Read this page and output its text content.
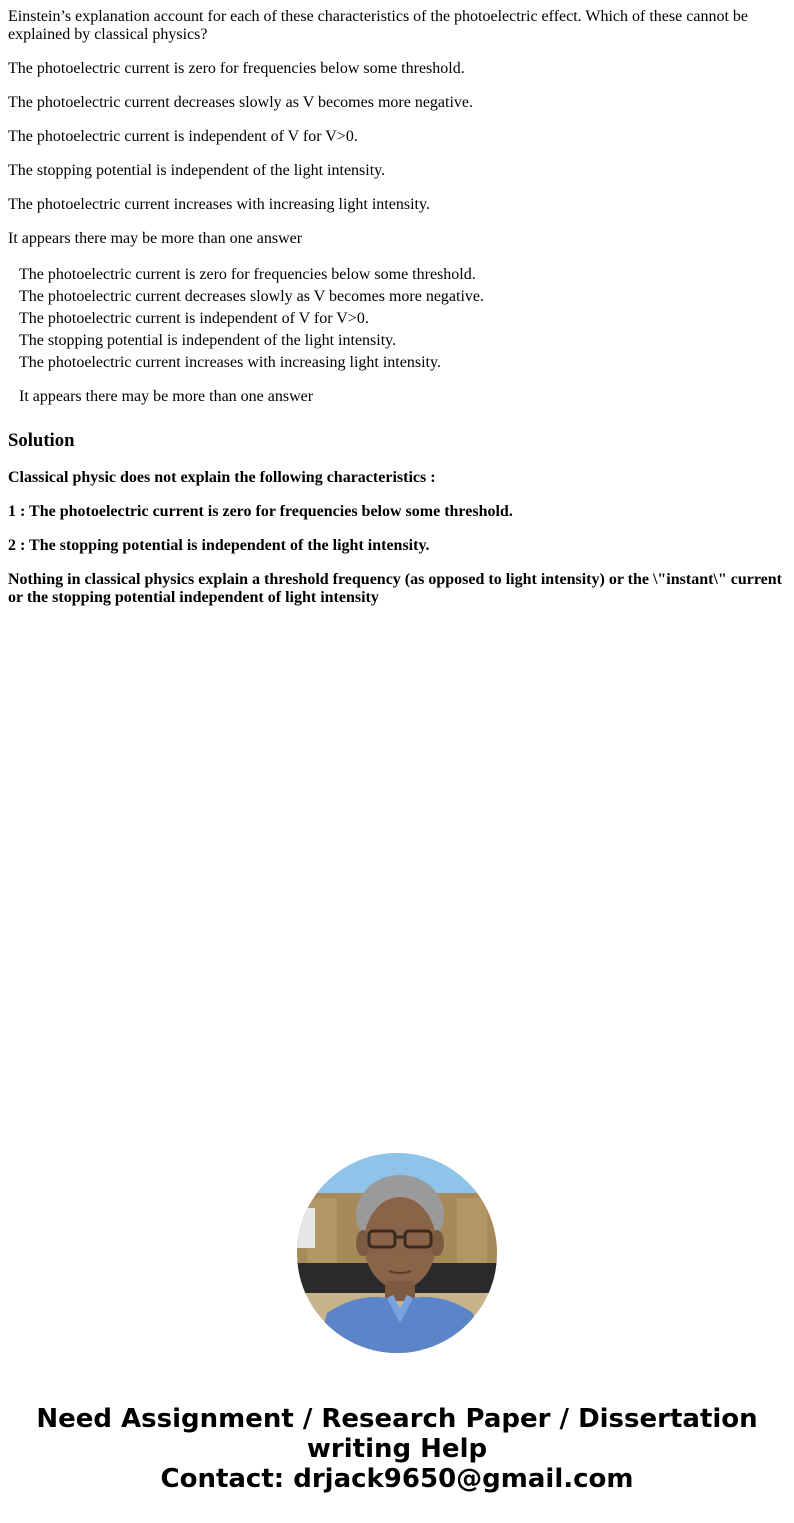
Einstein’s explanation account for each of these characteristics of the photoelectric effect. Which of these cannot be explained by classical physics?

The photoelectric current is zero for frequencies below some threshold.

The photoelectric current decreases slowly as V becomes more negative.

The photoelectric current is independent of V for V>0.

The stopping potential is independent of the light intensity.

The photoelectric current increases with increasing light intensity.

It appears there may be more than one answer

The photoelectric current is zero for frequencies below some threshold.
The photoelectric current decreases slowly as V becomes more negative.
The photoelectric current is independent of V for V>0.
The stopping potential is independent of the light intensity.
The photoelectric current increases with increasing light intensity.
It appears there may be more than one answer
Solution

Classical physic does not explain the following characteristics :

1 : The photoelectric current is zero for frequencies below some threshold.

2 : The stopping potential is independent of the light intensity.

Nothing in classical physics explain a threshold frequency (as opposed to light intensity) or the \"instant\" current or the stopping potential independent of light intensity

Need Assignment / Research Paper / Dissertation
writing Help
Contact: drjack9650@gmail.com
